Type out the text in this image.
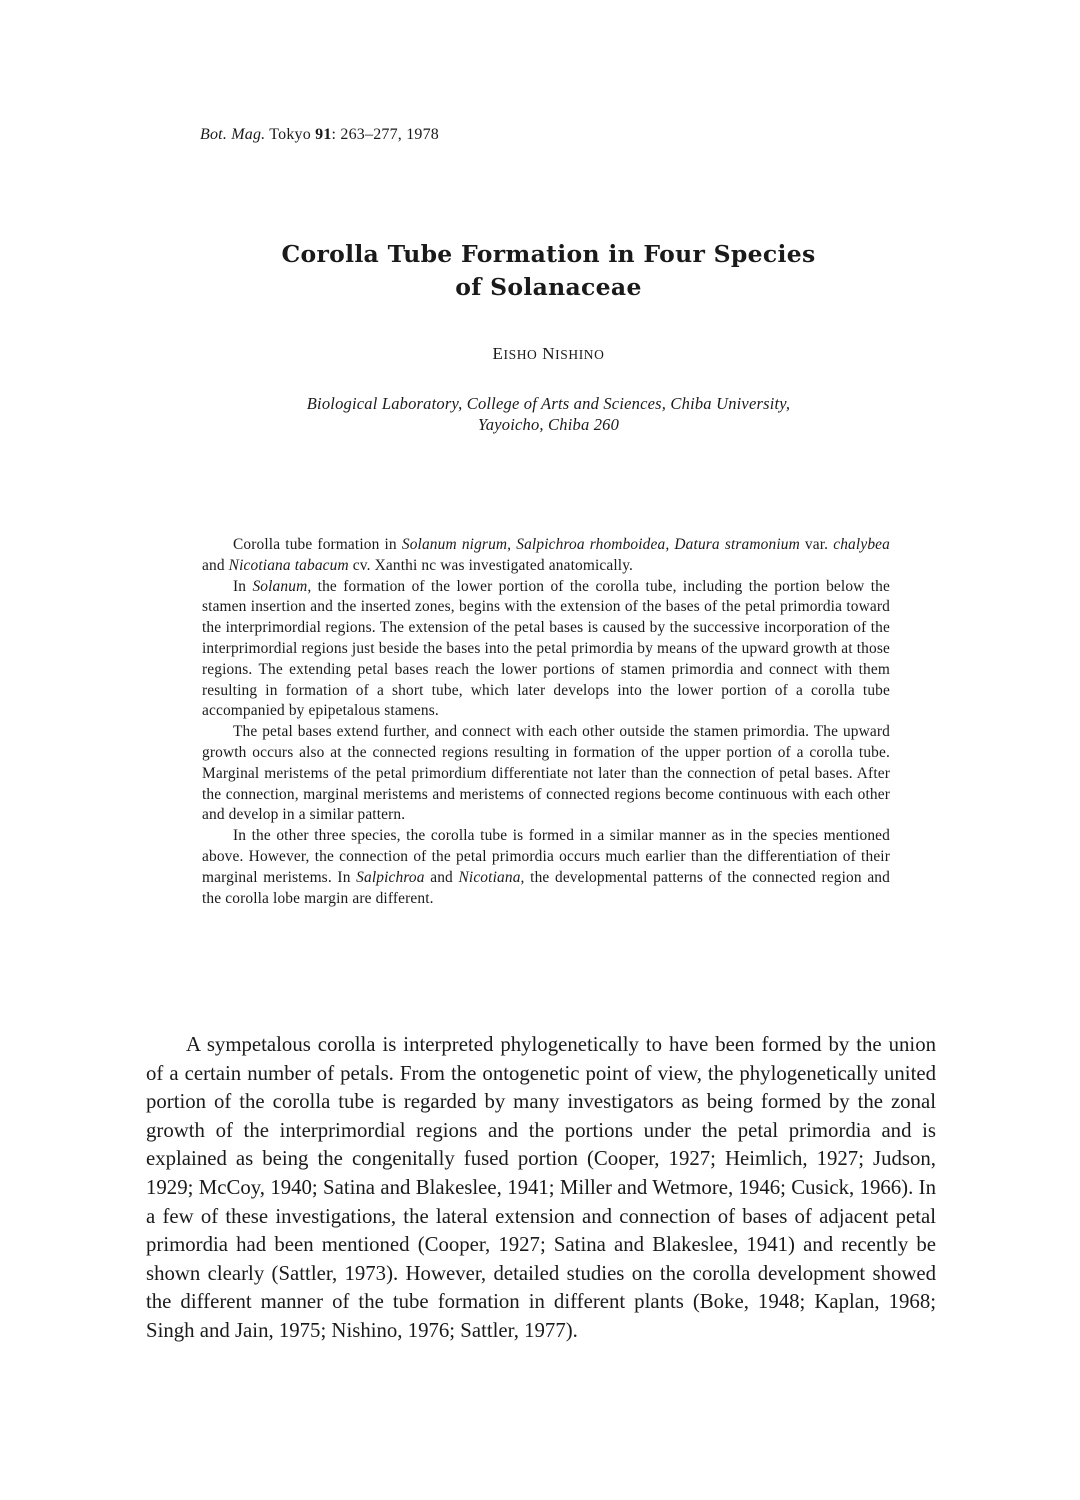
Bot. Mag. Tokyo 91: 263–277, 1978
Corolla Tube Formation in Four Species
of Solanaceae
EISHO NISHINO
Biological Laboratory, College of Arts and Sciences, Chiba University,
Yayoicho, Chiba 260

Corolla tube formation in Solanum nigrum, Salpichroa rhomboidea, Datura stramonium var. chalybea and Nicotiana tabacum cv. Xanthi nc was investigated anatomically.

In Solanum, the formation of the lower portion of the corolla tube, including the portion below the stamen insertion and the inserted zones, begins with the extension of the bases of the petal primordia toward the interprimordial regions. The extension of the petal bases is caused by the successive incorporation of the interprimordial regions just beside the bases into the petal primordia by means of the upward growth at those regions. The extending petal bases reach the lower portions of stamen primordia and connect with them resulting in formation of a short tube, which later develops into the lower portion of a corolla tube accompanied by epipetalous stamens.

The petal bases extend further, and connect with each other outside the stamen primordia. The upward growth occurs also at the connected regions resulting in formation of the upper portion of a corolla tube. Marginal meristems of the petal primordium differentiate not later than the connection of petal bases. After the connection, marginal meristems and meristems of connected regions become continuous with each other and develop in a similar pattern.

In the other three species, the corolla tube is formed in a similar manner as in the species mentioned above. However, the connection of the petal primordia occurs much earlier than the differentiation of their marginal meristems. In Salpichroa and Nicotiana, the developmental patterns of the connected region and the corolla lobe margin are different.

A sympetalous corolla is interpreted phylogenetically to have been formed by the union of a certain number of petals. From the ontogenetic point of view, the phylogenetically united portion of the corolla tube is regarded by many investigators as being formed by the zonal growth of the interprimordial regions and the portions under the petal primordia and is explained as being the congenitally fused portion (Cooper, 1927; Heimlich, 1927; Judson, 1929; McCoy, 1940; Satina and Blakeslee, 1941; Miller and Wetmore, 1946; Cusick, 1966). In a few of these investigations, the lateral extension and connection of bases of adjacent petal primordia had been mentioned (Cooper, 1927; Satina and Blakeslee, 1941) and recently be shown clearly (Sattler, 1973). However, detailed studies on the corolla development showed the different manner of the tube formation in different plants (Boke, 1948; Kaplan, 1968; Singh and Jain, 1975; Nishino, 1976; Sattler, 1977).
